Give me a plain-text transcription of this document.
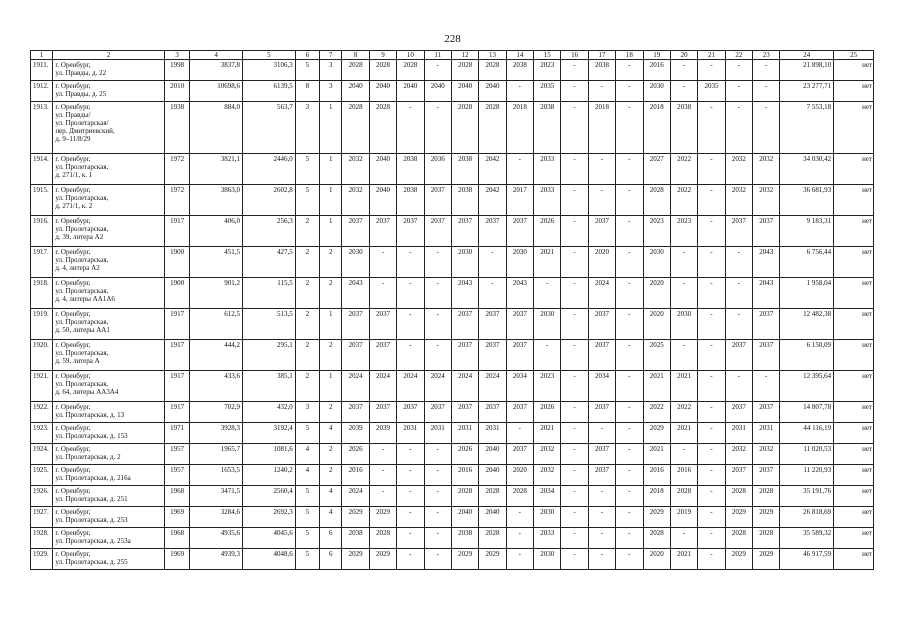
228
1	2	3	4	5	6	7	8	9	10	11	12	13	14	15	16	17	18	19	20	21	22	23	24	25
1911.	г. Оренбург,
ул. Правды, д. 22	1998	3837,8	3106,3	5	3	2028	2028	2028	-	2028	2028	2038	2023	-	2038	-	2016	-	-	-	-	21 898,10	нет
1912.	г. Оренбург,
ул. Правды, д. 25	2010	10698,6	6139,5	8	3	2040	2040	2040	2040	2040	2040	-	2035	-	-	-	2030	-	2035	-	-	23 277,71	нет
1913.	г. Оренбург,
ул. Правды/
ул. Пролетарская/
пер. Дмитриевский,
д. 9–11/8/29	1938	884,0	563,7	3	1	2028	2028	-	-	2028	2028	2018	2038	-	2018	-	2018	2038	-	-	-	7 553,18	нет
1914.	г. Оренбург,
ул. Пролетарская,
д. 271/1, к. 1	1972	3821,1	2446,0	5	1	2032	2040	2038	2036	2038	2042	-	2033	-	-	-	2027	2022	-	2032	2032	34 030,42	нет
1915.	г. Оренбург,
ул. Пролетарская,
д. 271/1, к. 2	1972	3863,0	2602,8	5	1	2032	2040	2038	2037	2038	2042	2017	2033	-	-	-	2028	2022	-	2032	2032	36 681,93	нет
1916.	г. Оренбург,
ул. Пролетарская,
д. 39, литера А2	1917	406,0	256,3	2	1	2037	2037	2037	2037	2037	2037	2037	2026	-	2037	-	2023	2023	-	2037	2037	9 183,31	нет
1917.	г. Оренбург,
ул. Пролетарская,
д. 4, литера А2	1900	451,5	427,5	2	2	2030	-	-	-	2030	-	2030	2021	-	2020	-	2030	-	-	-	2043	6 756,44	нет
1918.	г. Оренбург,
ул. Пролетарская,
д. 4, литеры АА1А6	1900	901,2	115,5	2	2	2043	-	-	-	2043	-	2043	-	-	2024	-	2020	-	-	-	2043	1 958,04	нет
1919.	г. Оренбург,
ул. Пролетарская,
д. 50, литеры АА1	1917	612,5	513,5	2	1	2037	2037	-	-	2037	2037	2037	2030	-	2037	-	2020	2030	-	-	2037	12 482,38	нет
1920.	г. Оренбург,
ул. Пролетарская,
д. 59, литера А	1917	444,2	295,1	2	2	2037	2037	-	-	2037	2037	2037	-	-	2037	-	2025	-	-	2037	2037	6 150,09	нет
1921.	г. Оренбург,
ул. Пролетарская,
д. 64, литеры АА3А4	1917	433,6	385,1	2	1	2024	2024	2024	2024	2024	2024	2034	2023	-	2034	-	2021	2021	-	-	-	12 395,64	нет
1922.	г. Оренбург,
ул. Пролетарская, д. 13	1917	702,9	432,0	3	2	2037	2037	2037	2037	2037	2037	2037	2026	-	2037	-	2022	2022	-	2037	2037	14 807,78	нет
1923.	г. Оренбург,
ул. Пролетарская, д. 153	1971	3928,3	3192,4	5	4	2039	2039	2031	2031	2031	2031	-	2021	-	-	-	2029	2021	-	2031	2031	44 116,19	нет
1924.	г. Оренбург,
ул. Пролетарская, д. 2	1957	1965,7	1081,6	4	2	2026	-	-	-	2026	2040	2037	2032	-	2037	-	2021	-	-	2032	2032	11 020,53	нет
1925.	г. Оренбург,
ул. Пролетарская, д. 216а	1957	1653,5	1240,2	4	2	2016	-	-	-	2016	2040	2020	2032	-	2037	-	2016	2016	-	2037	2037	11 220,93	нет
1926.	г. Оренбург,
ул. Пролетарская, д. 251	1968	3471,5	2560,4	5	4	2024	-	-	-	2028	2028	2028	2034	-	-	-	2018	2028	-	2028	2028	35 191,76	нет
1927.	г. Оренбург,
ул. Пролетарская, д. 253	1969	3284,6	2692,3	5	4	2029	2029	-	-	2040	2040	-	2030	-	-	-	2029	2019	-	2029	2029	26 818,69	нет
1928.	г. Оренбург,
ул. Пролетарская, д. 253а	1968	4935,6	4045,6	5	6	2038	2028	-	-	2038	2028	-	2033	-	-	-	2028	-	-	2028	2028	35 589,32	нет
1929.	г. Оренбург,
ул. Пролетарская, д. 255	1969	4939,3	4048,6	5	6	2029	2029	-	-	2029	2029	-	2030	-	-	-	2020	2021	-	2029	2029	46 917,59	нет
